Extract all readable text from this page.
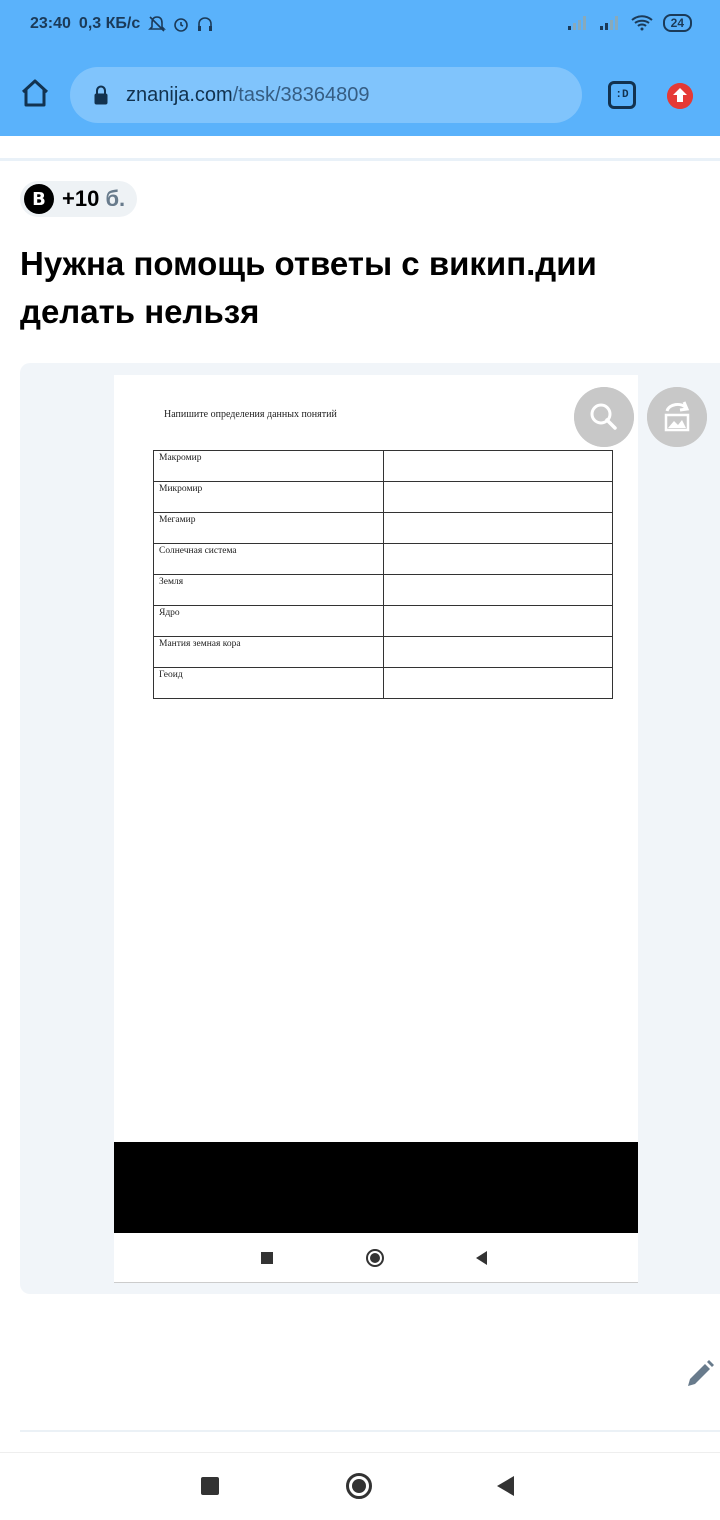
23:40 0,3 КБ/с	24
znanija.com/task/38364809	:D
B +10 б.
Нужна помощь ответы с викип.дии делать нельзя
Напишите определения данных понятий
Макромир	
Микромир	
Мегамир	
Солнечная система	
Земля	
Ядро	
Мантия земная кора	
Геоид	
